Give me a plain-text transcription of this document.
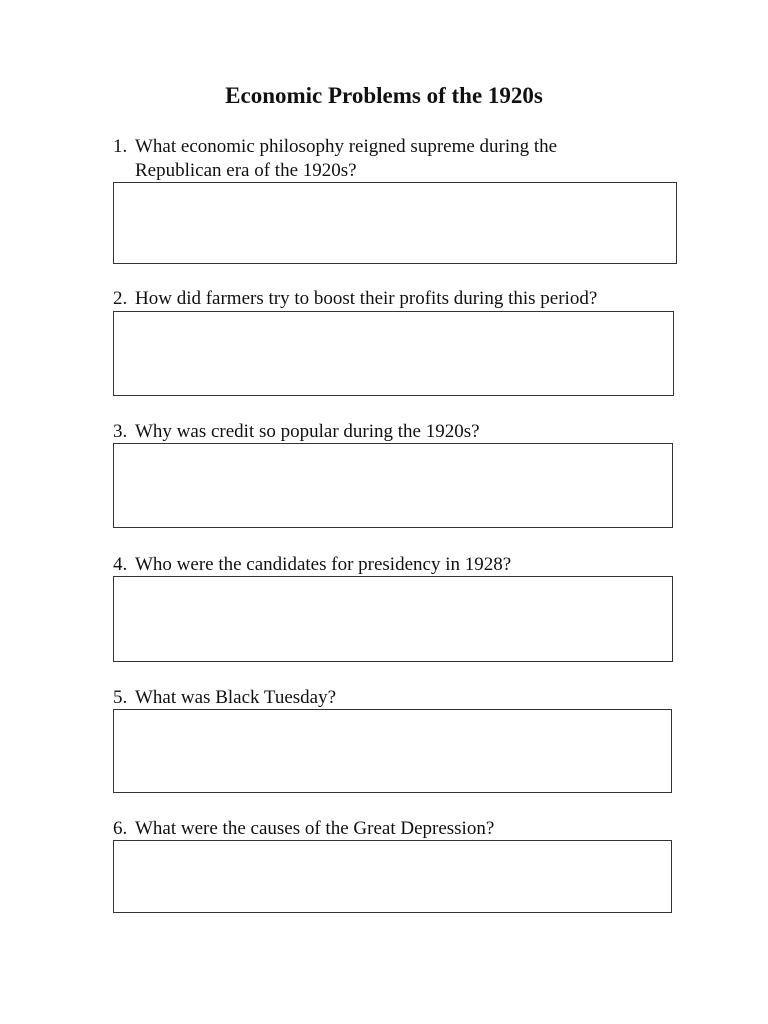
Economic Problems of the 1920s
1. What economic philosophy reigned supreme during the
Republican era of the 1920s?
2. How did farmers try to boost their profits during this period?
3. Why was credit so popular during the 1920s?
4. Who were the candidates for presidency in 1928?
5. What was Black Tuesday?
6. What were the causes of the Great Depression?
